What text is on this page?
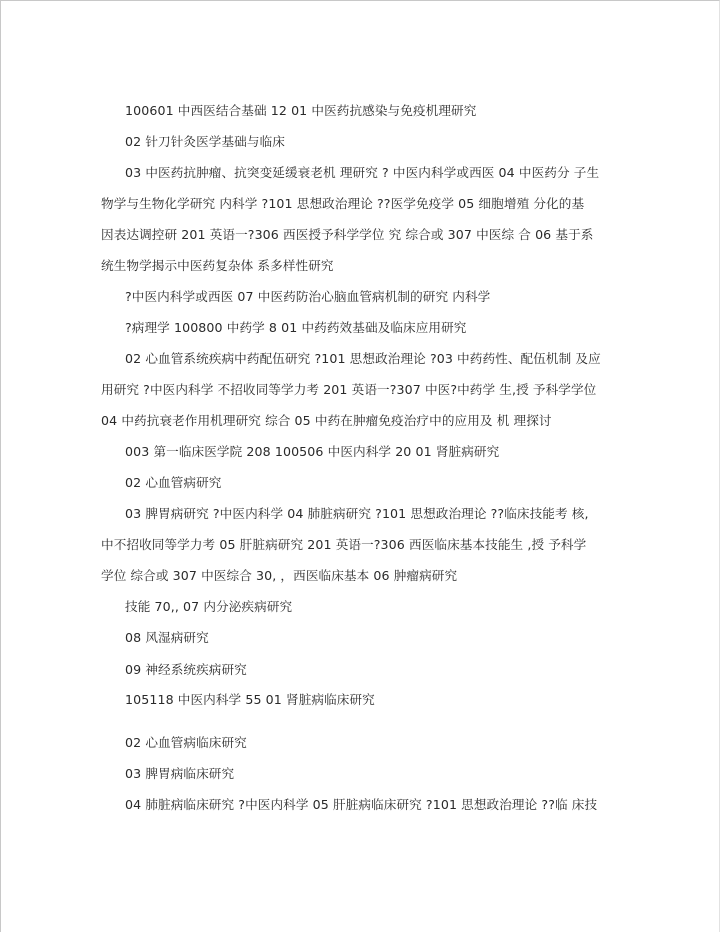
100601 中西医结合基础 12 01 中医药抗感染与免疫机理研究
02 针刀针灸医学基础与临床
03 中医药抗肿瘤、抗突变延缓衰老机 理研究 ? 中医内科学或西医 04 中医药分 子生
物学与生物化学研究 内科学 ?101 思想政治理论 ??医学免疫学 05 细胞增殖 分化的基
因表达调控研 201 英语一?306 西医授予科学学位 究 综合或 307 中医综 合 06 基于系
统生物学揭示中医药复杂体 系多样性研究
?中医内科学或西医 07 中医药防治心脑血管病机制的研究 内科学
?病理学 100800 中药学 8 01 中药药效基础及临床应用研究
02 心血管系统疾病中药配伍研究 ?101 思想政治理论 ?03 中药药性、配伍机制 及应
用研究 ?中医内科学 不招收同等学力考 201 英语一?307 中医?中药学 生,授 予科学学位
04 中药抗衰老作用机理研究 综合 05 中药在肿瘤免疫治疗中的应用及 机 理探讨
003 第一临床医学院 208 100506 中医内科学 20 01 肾脏病研究
02 心血管病研究
03 脾胃病研究 ?中医内科学 04 肺脏病研究 ?101 思想政治理论 ??临床技能考 核,
中不招收同等学力考 05 肝脏病研究 201 英语一?306 西医临床基本技能生 ,授 予科学
学位 综合或 307 中医综合 30, ，西医临床基本 06 肿瘤病研究
技能 70,, 07 内分泌疾病研究
08 风湿病研究
09 神经系统疾病研究
105118 中医内科学 55 01 肾脏病临床研究
02 心血管病临床研究
03 脾胃病临床研究
04 肺脏病临床研究 ?中医内科学 05 肝脏病临床研究 ?101 思想政治理论 ??临 床技
